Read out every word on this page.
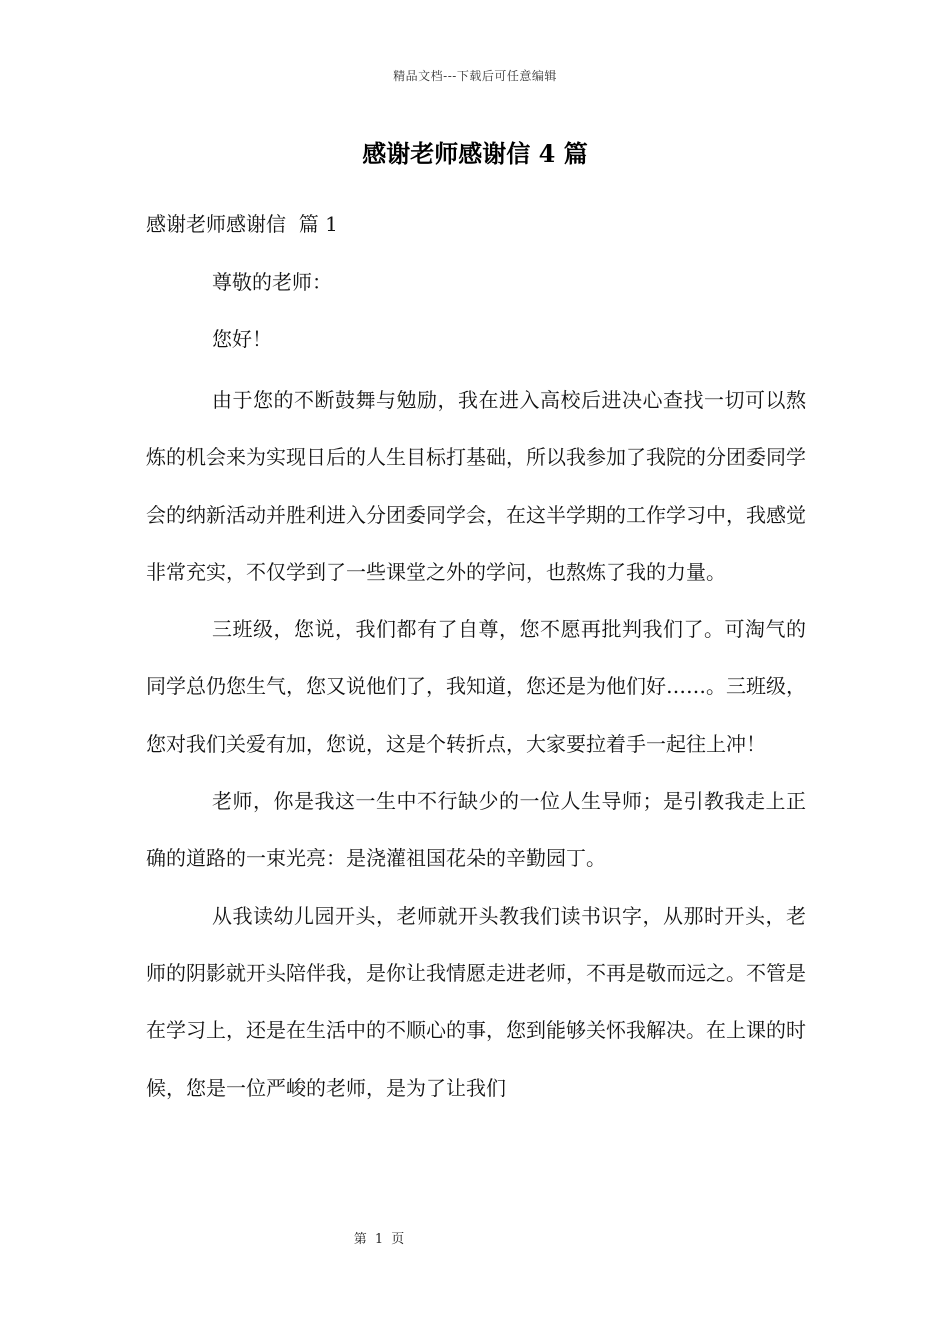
精品文档---下载后可任意编辑
感谢老师感谢信 4 篇
感谢老师感谢信  篇 1

尊敬的老师：

您好！

由于您的不断鼓舞与勉励，我在进入高校后进决心查找一切可以熬炼的机会来为实现日后的人生目标打基础，所以我参加了我院的分团委同学会的纳新活动并胜利进入分团委同学会，在这半学期的工作学习中，我感觉非常充实，不仅学到了一些课堂之外的学问，也熬炼了我的力量。

三班级，您说，我们都有了自尊，您不愿再批判我们了。可淘气的同学总仍您生气，您又说他们了，我知道，您还是为他们好……。三班级，您对我们关爱有加，您说，这是个转折点，大家要拉着手一起往上冲！

老师，你是我这一生中不行缺少的一位人生导师；是引教我走上正确的道路的一束光亮：是浇灌祖国花朵的辛勤园丁。

从我读幼儿园开头，老师就开头教我们读书识字，从那时开头，老师的阴影就开头陪伴我，是你让我情愿走进老师，不再是敬而远之。不管是在学习上，还是在生活中的不顺心的事，您到能够关怀我解决。在上课的时候，您是一位严峻的老师，是为了让我们

第 1 页
